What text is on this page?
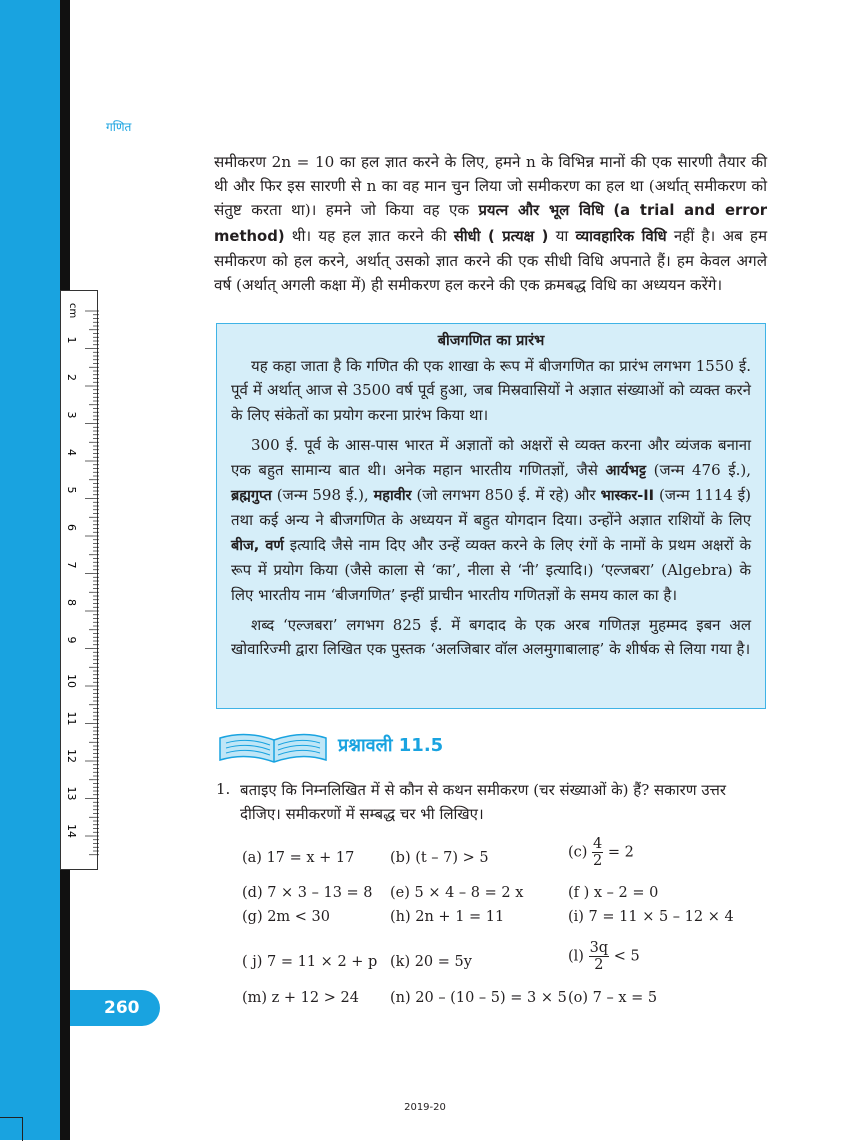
cm
1
2
3
4
5
6
7
8
9
10
11
12
13
14
गणित
समीकरण 2n = 10 का हल ज्ञात करने के लिए, हमने n के विभिन्न मानों की एक सारणी तैयार की थी और फिर इस सारणी से n का वह मान चुन लिया जो समीकरण का हल था (अर्थात् समीकरण को संतुष्ट करता था)। हमने जो किया वह एक प्रयत्न और भूल विधि (a trial and error method) थी। यह हल ज्ञात करने की सीधी ( प्रत्यक्ष ) या व्यावहारिक विधि नहीं है। अब हम समीकरण को हल करने, अर्थात् उसको ज्ञात करने की एक सीधी विधि अपनाते हैं। हम केवल अगले वर्ष (अर्थात् अगली कक्षा में) ही समीकरण हल करने की एक क्रमबद्ध विधि का अध्ययन करेंगे।
बीजगणित का प्रारंभ

यह कहा जाता है कि गणित की एक शाखा के रूप में बीजगणित का प्रारंभ लगभग 1550 ई. पूर्व में अर्थात् आज से 3500 वर्ष पूर्व हुआ, जब मिस्रवासियों ने अज्ञात संख्याओं को व्यक्त करने के लिए संकेतों का प्रयोग करना प्रारंभ किया था।

300 ई. पूर्व के आस-पास भारत में अज्ञातों को अक्षरों से व्यक्त करना और व्यंजक बनाना एक बहुत सामान्य बात थी। अनेक महान भारतीय गणितज्ञों, जैसे आर्यभट्ट (जन्म 476 ई.), ब्रह्मगुप्त (जन्म 598 ई.), महावीर (जो लगभग 850 ई. में रहे) और भास्कर-II (जन्म 1114 ई) तथा कई अन्य ने बीजगणित के अध्ययन में बहुत योगदान दिया। उन्होंने अज्ञात राशियों के लिए बीज, वर्ण इत्यादि जैसे नाम दिए और उन्हें व्यक्त करने के लिए रंगों के नामों के प्रथम अक्षरों के रूप में प्रयोग किया (जैसे काला से ‘का’, नीला से ‘नी’ इत्यादि।) ‘एल्जबरा’ (Algebra) के लिए भारतीय नाम ‘बीजगणित’ इन्हीं प्राचीन भारतीय गणितज्ञों के समय काल का है।

शब्द ‘एल्जबरा’ लगभग 825 ई. में बगदाद के एक अरब गणितज्ञ मुहम्मद इबन अल खोवारिज्मी द्वारा लिखित एक पुस्तक ‘अलजिबार वॉल अलमुगाबालाह’ के शीर्षक से लिया गया है।

प्रश्नावली 11.5
1. बताइए कि निम्नलिखित में से कौन से कथन समीकरण (चर संख्याओं के) हैं? सकारण उत्तर दीजिए। समीकरणों में सम्बद्ध चर भी लिखिए।
(a) 17 = x + 17 (b) (t – 7) > 5	$(c) \frac{4}{2} = 2$
(d) 7 × 3 – 13 = 8 (e) 5 × 4 – 8 = 2 x	(f ) x – 2 = 0
(g) 2m < 30	(h) 2n + 1 = 11	(i) 7 = 11 × 5 – 12 × 4
( j) 7 = 11 × 2 + p (k) 20 = 5y	$(l) \frac{3q}{2} < 5$
(m) z + 12 > 24 (n) 20 – (10 – 5) = 3 × 5 (o) 7 – x = 5
260
2019-20
